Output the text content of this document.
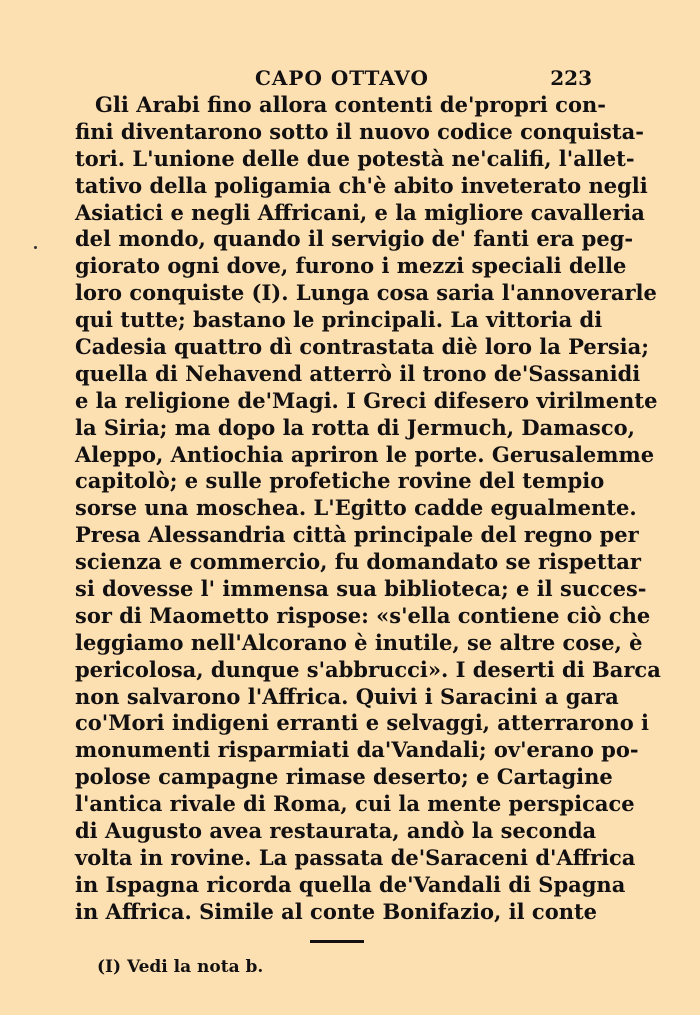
CAPO OTTAVO	223
Gli Arabi fino allora contenti de'propri con-
fini diventarono sotto il nuovo codice conquista-
tori. L'unione delle due potestà ne'califi, l'allet-
tativo della poligamia ch'è abito inveterato negli
Asiatici e negli Affricani, e la migliore cavalleria
del mondo, quando il servigio de' fanti era peg-
giorato ogni dove, furono i mezzi speciali delle
loro conquiste (I). Lunga cosa saria l'annoverarle
qui tutte; bastano le principali. La vittoria di
Cadesia quattro dì contrastata diè loro la Persia;
quella di Nehavend atterrò il trono de'Sassanidi
e la religione de'Magi. I Greci difesero virilmente
la Siria; ma dopo la rotta di Jermuch, Damasco,
Aleppo, Antiochia apriron le porte. Gerusalemme
capitolò; e sulle profetiche rovine del tempio
sorse una moschea. L'Egitto cadde egualmente.
Presa Alessandria città principale del regno per
scienza e commercio, fu domandato se rispettar
si dovesse l' immensa sua biblioteca; e il succes-
sor di Maometto rispose: «s'ella contiene ciò che
leggiamo nell'Alcorano è inutile, se altre cose, è
pericolosa, dunque s'abbrucci». I deserti di Barca
non salvarono l'Affrica. Quivi i Saracini a gara
co'Mori indigeni erranti e selvaggi, atterrarono i
monumenti risparmiati da'Vandali; ov'erano po-
polose campagne rimase deserto; e Cartagine
l'antica rivale di Roma, cui la mente perspicace
di Augusto avea restaurata, andò la seconda
volta in rovine. La passata de'Saraceni d'Affrica
in Ispagna ricorda quella de'Vandali di Spagna
in Affrica. Simile al conte Bonifazio, il conte
(I) Vedi la nota b.
